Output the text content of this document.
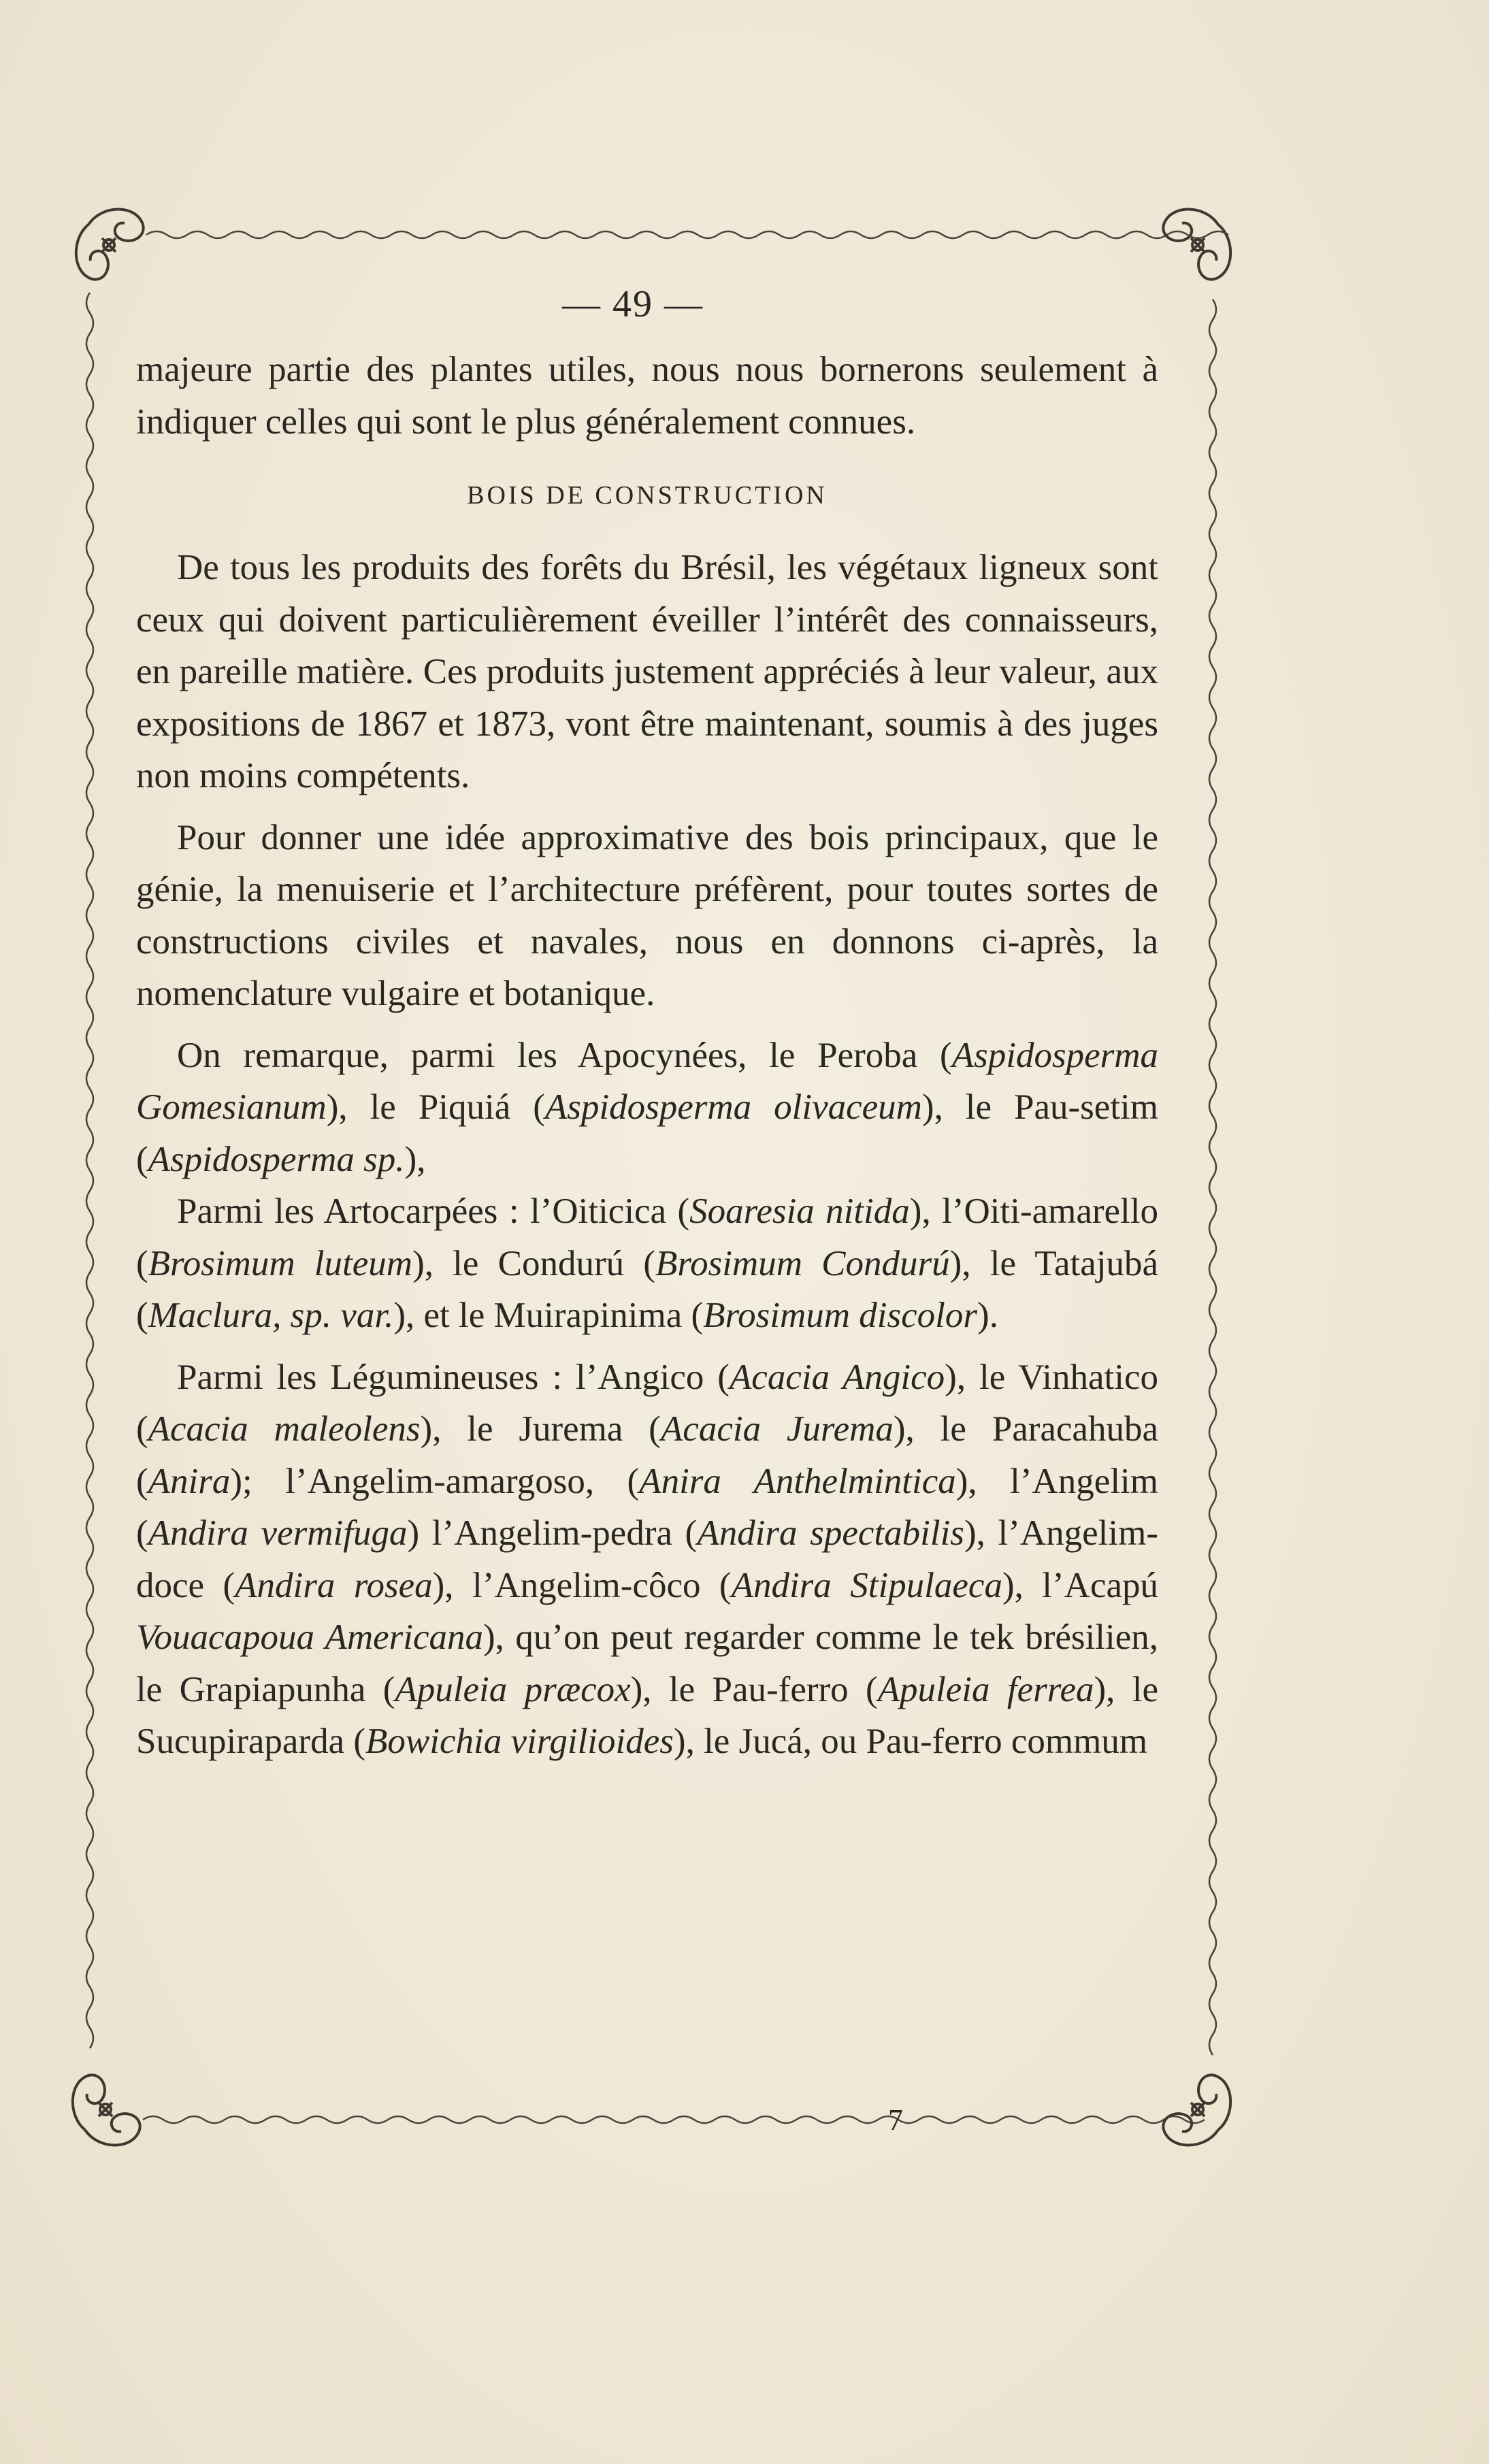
— 49 —

majeure partie des plantes utiles, nous nous bornerons seulement à indiquer celles qui sont le plus généralement connues.

BOIS DE CONSTRUCTION

De tous les produits des forêts du Brésil, les végétaux ligneux sont ceux qui doivent particulièrement éveiller l’intérêt des connaisseurs, en pareille matière. Ces produits justement appréciés à leur valeur, aux expositions de 1867 et 1873, vont être maintenant, soumis à des juges non moins compétents.

Pour donner une idée approximative des bois principaux, que le génie, la menuiserie et l’architecture préfèrent, pour toutes sortes de constructions civiles et navales, nous en donnons ci-après, la nomenclature vulgaire et botanique.

On remarque, parmi les Apocynées, le Peroba (Aspidosperma Gomesianum), le Piquiá (Aspidosperma olivaceum), le Pau-setim (Aspidosperma sp.),

Parmi les Artocarpées : l’Oiticica (Soaresia nitida), l’Oiti-amarello (Brosimum luteum), le Condurú (Brosimum Condurú), le Tatajubá (Maclura, sp. var.), et le Muirapinima (Brosimum discolor).

Parmi les Légumineuses : l’Angico (Acacia Angico), le Vinhatico (Acacia maleolens), le Jurema (Acacia Jurema), le Paracahuba (Anira); l’Angelim-amargoso, (Anira Anthelmintica), l’Angelim (Andira vermifuga) l’Angelim-pedra (Andira spectabilis), l’Angelim-doce (Andira rosea), l’Angelim-côco (Andira Stipulaeca), l’Acapú Vouacapoua Americana), qu’on peut regarder comme le tek brésilien, le Grapiapunha (Apuleia præcox), le Pau-ferro (Apuleia ferrea), le Sucupiraparda (Bowichia virgilioides), le Jucá, ou Pau-ferro commum

7
